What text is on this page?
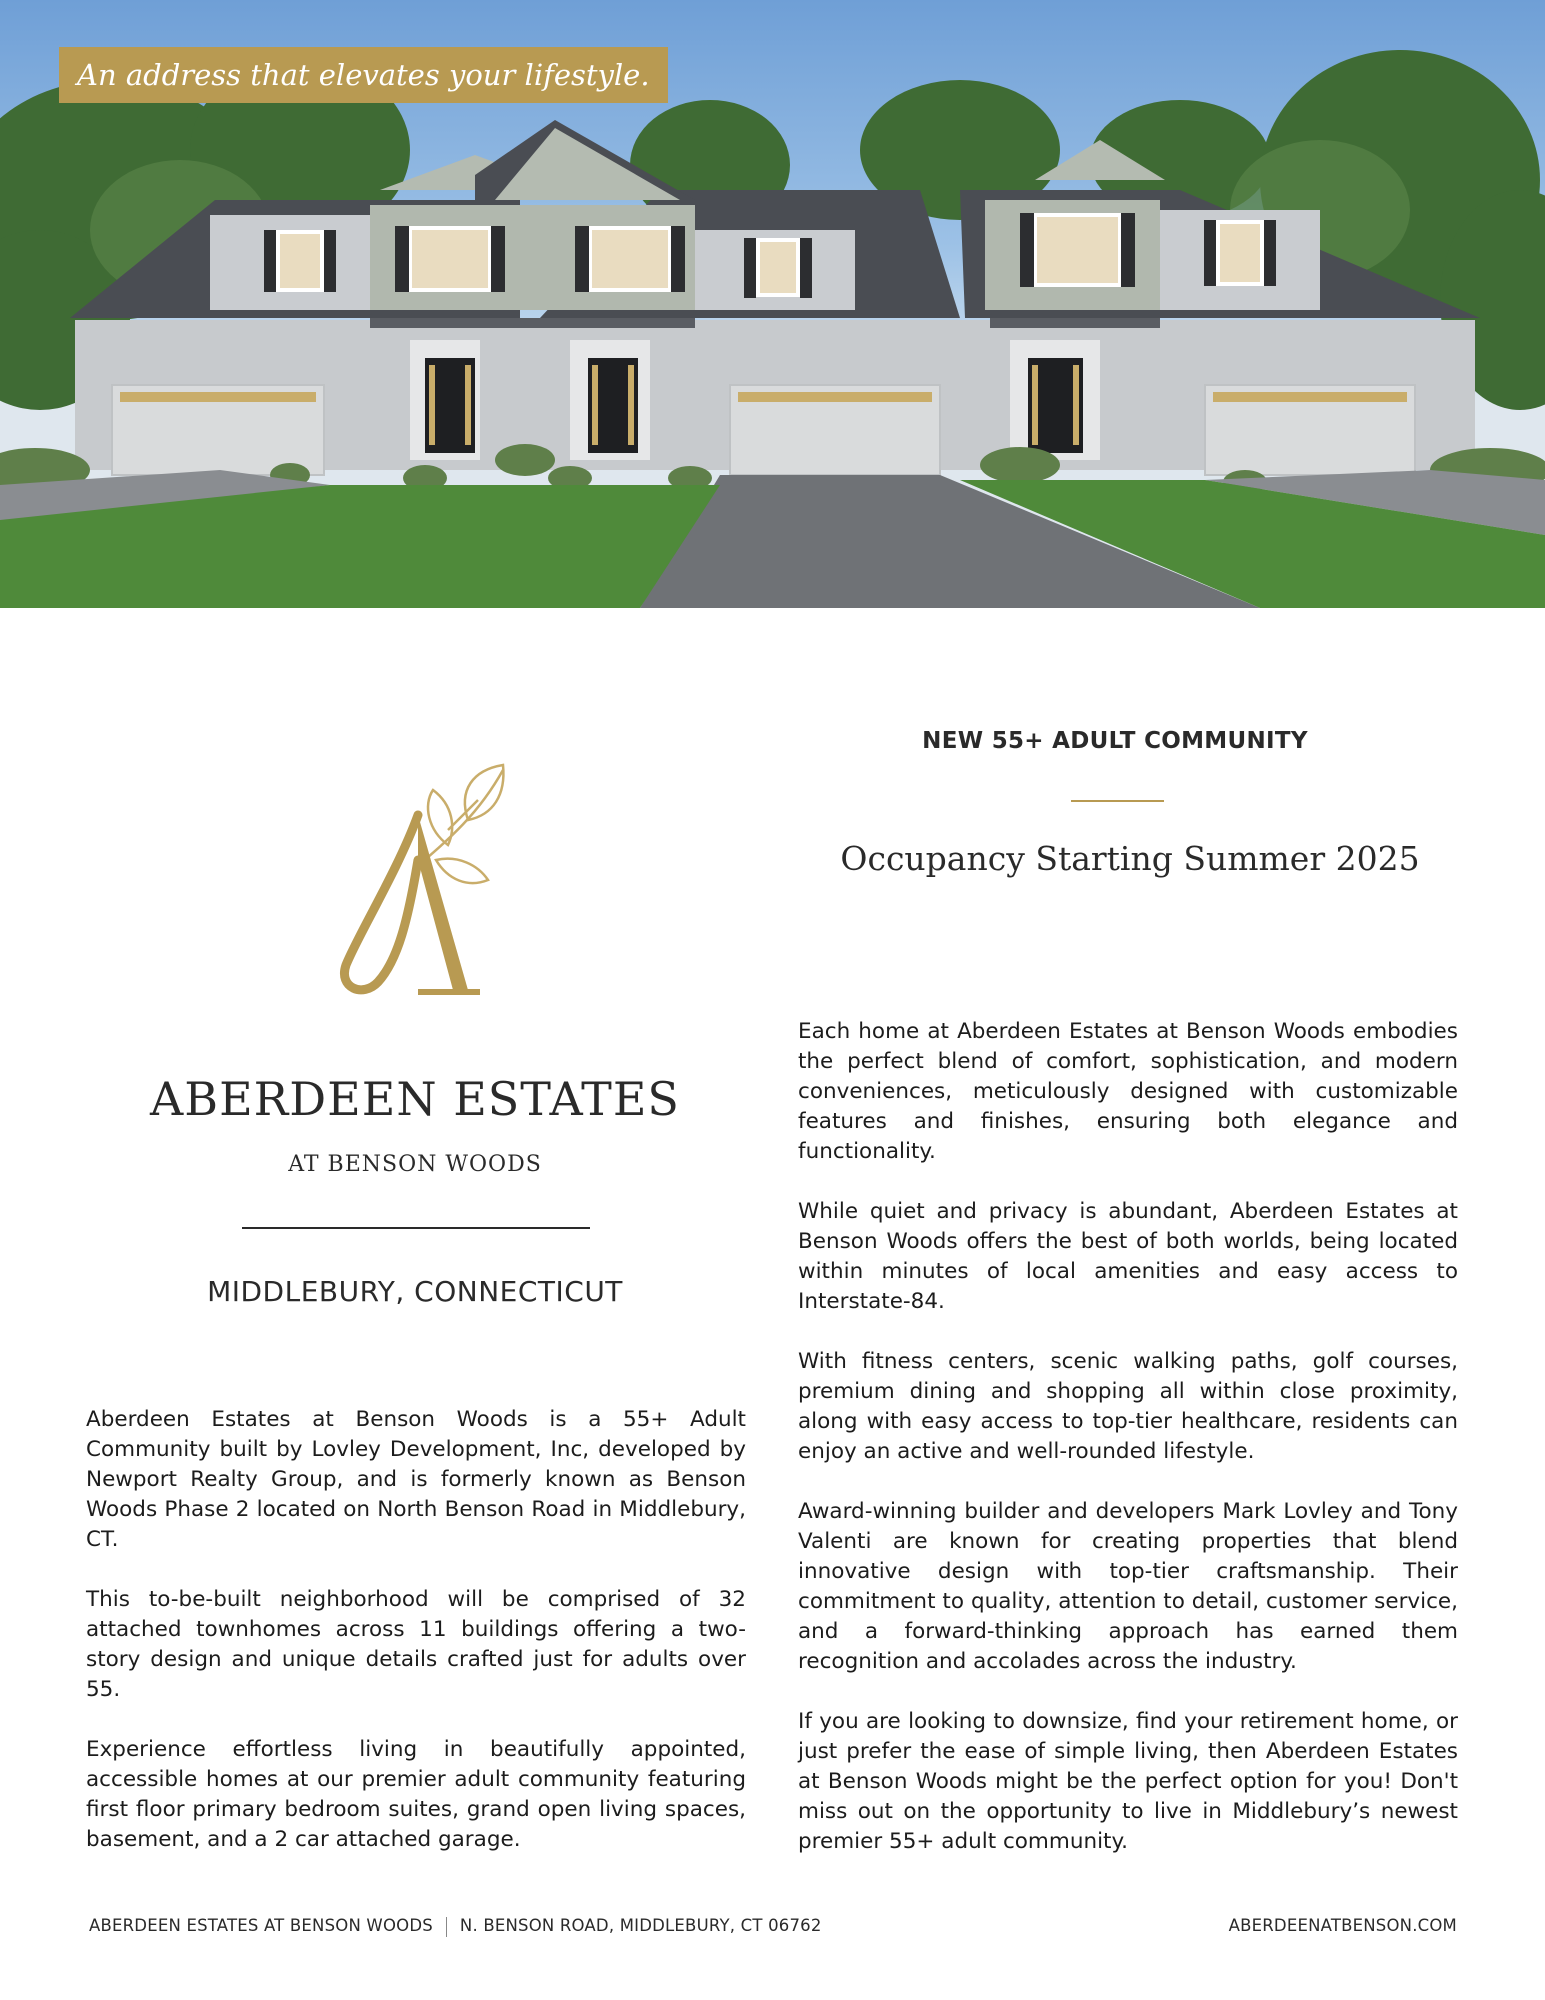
An address that elevates your lifestyle.
ABERDEEN ESTATES
AT BENSON WOODS
MIDDLEBURY, CONNECTICUT
NEW 55+ ADULT COMMUNITY
Occupancy Starting Summer 2025

Aberdeen Estates at Benson Woods is a 55+ Adult Community built by Lovley Development, Inc, developed by Newport Realty Group, and is formerly known as Benson Woods Phase 2 located on North Benson Road in Middlebury, CT.

This to-be-built neighborhood will be comprised of 32 attached townhomes across 11 buildings offering a two-story design and unique details crafted just for adults over 55.

Experience effortless living in beautifully appointed, accessible homes at our premier adult community featuring first floor primary bedroom suites, grand open living spaces, basement, and a 2 car attached garage.

Each home at Aberdeen Estates at Benson Woods embodies the perfect blend of comfort, sophistication, and modern conveniences, meticulously designed with customizable features and finishes, ensuring both elegance and functionality.

While quiet and privacy is abundant, Aberdeen Estates at Benson Woods offers the best of both worlds, being located within minutes of local amenities and easy access to Interstate-84.

With fitness centers, scenic walking paths, golf courses, premium dining and shopping all within close proximity, along with easy access to top-tier healthcare, residents can enjoy an active and well-rounded lifestyle.

Award-winning builder and developers Mark Lovley and Tony Valenti are known for creating properties that blend innovative design with top-tier craftsmanship. Their commitment to quality, attention to detail, customer service, and a forward-thinking approach has earned them recognition and accolades across the industry.

If you are looking to downsize, find your retirement home, or just prefer the ease of simple living, then Aberdeen Estates at Benson Woods might be the perfect option for you! Don't miss out on the opportunity to live in Middlebury’s newest premier 55+ adult community.

ABERDEEN ESTATES AT BENSON WOODS N. BENSON ROAD, MIDDLEBURY, CT 06762	ABERDEENATBENSON.COM
